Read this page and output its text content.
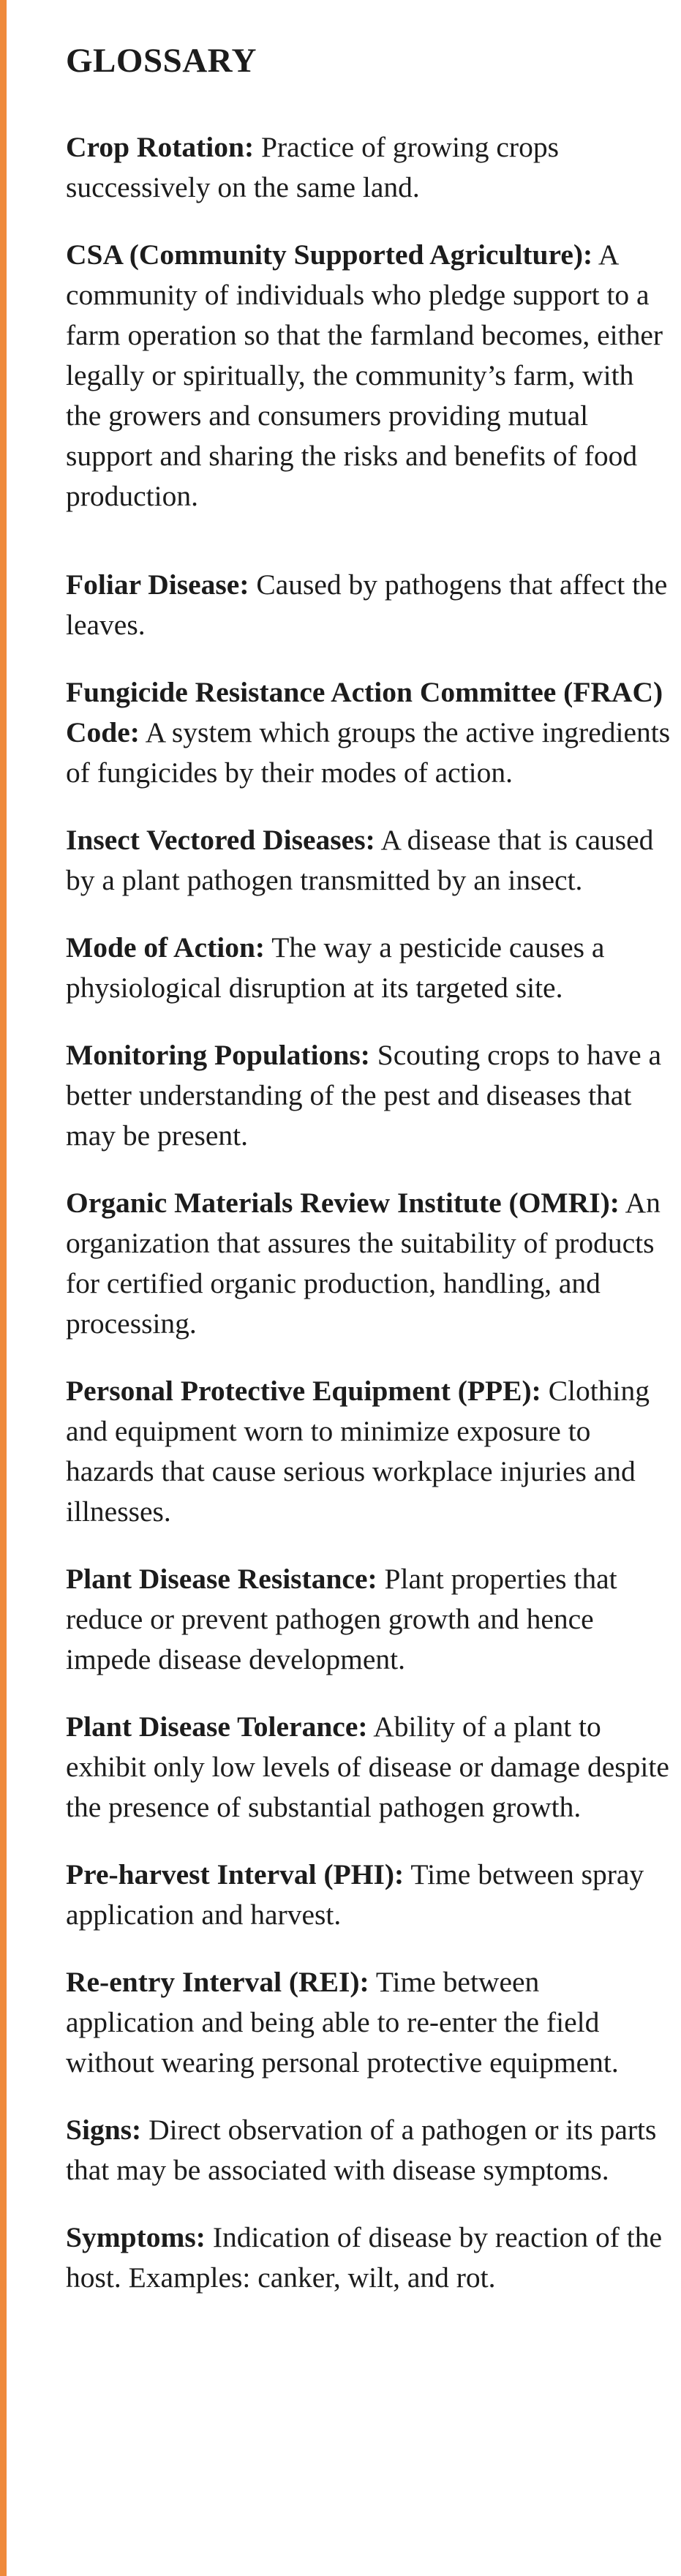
GLOSSARY

Crop Rotation: Practice of growing crops successively on the same land.

CSA (Community Supported Agriculture): A community of individuals who pledge support to a farm operation so that the farmland becomes, either legally or spiritually, the community’s farm, with the growers and consumers providing mutual support and sharing the risks and benefits of food production.

Foliar Disease: Caused by pathogens that affect the leaves.

Fungicide Resistance Action Committee (FRAC) Code: A system which groups the active ingredients of fungicides by their modes of action.

Insect Vectored Diseases: A disease that is caused by a plant pathogen transmitted by an insect.

Mode of Action: The way a pesticide causes a physiological disruption at its targeted site.

Monitoring Populations: Scouting crops to have a better understanding of the pest and diseases that may be present.

Organic Materials Review Institute (OMRI): An organization that assures the suitability of products for certified organic production, handling, and processing.

Personal Protective Equipment (PPE): Clothing and equipment worn to minimize exposure to hazards that cause serious workplace injuries and illnesses.

Plant Disease Resistance: Plant properties that reduce or prevent pathogen growth and hence impede disease development.

Plant Disease Tolerance: Ability of a plant to exhibit only low levels of disease or damage despite the presence of substantial pathogen growth.

Pre-harvest Interval (PHI): Time between spray application and harvest.

Re-entry Interval (REI): Time between application and being able to re-enter the field without wearing personal protective equipment.

Signs: Direct observation of a pathogen or its parts that may be associated with disease symptoms.

Symptoms: Indication of disease by reaction of the host. Examples: canker, wilt, and rot.
